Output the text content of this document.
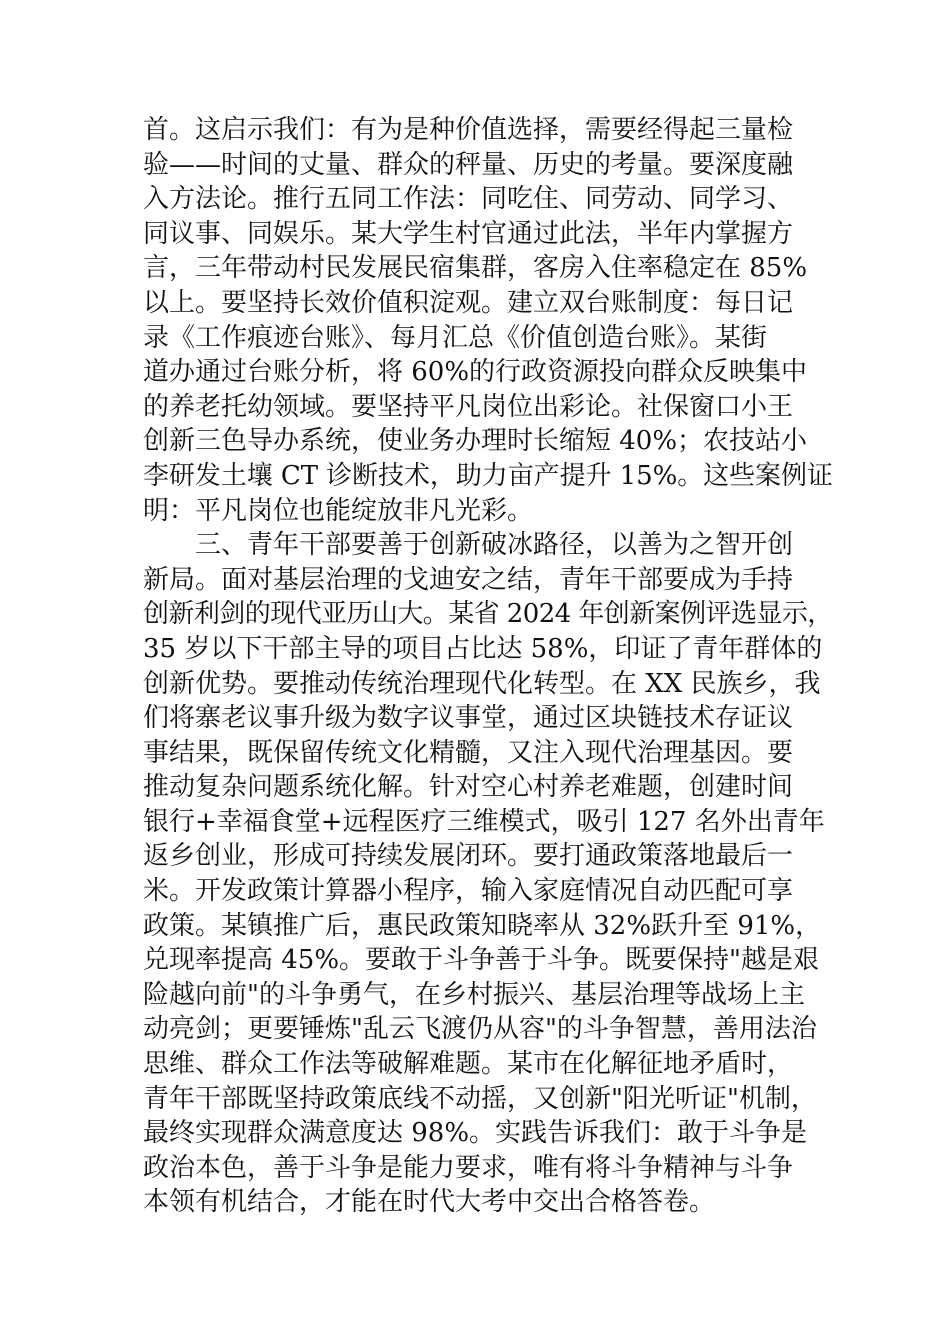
首。这启示我们：有为是种价值选择，需要经得起三量检
验——时间的丈量、群众的秤量、历史的考量。要深度融
入方法论。推行五同工作法：同吃住、同劳动、同学习、
同议事、同娱乐。某大学生村官通过此法，半年内掌握方
言，三年带动村民发展民宿集群，客房入住率稳定在 85%
以上。要坚持长效价值积淀观。建立双台账制度：每日记
录《工作痕迹台账》、每月汇总《价值创造台账》。某街
道办通过台账分析，将 60%的行政资源投向群众反映集中
的养老托幼领域。要坚持平凡岗位出彩论。社保窗口小王
创新三色导办系统，使业务办理时长缩短 40%；农技站小
李研发土壤 CT 诊断技术，助力亩产提升 15%。这些案例证
明：平凡岗位也能绽放非凡光彩。
　　三、青年干部要善于创新破冰路径，以善为之智开创
新局。面对基层治理的戈迪安之结，青年干部要成为手持
创新利剑的现代亚历山大。某省 2024 年创新案例评选显示，
35 岁以下干部主导的项目占比达 58%，印证了青年群体的
创新优势。要推动传统治理现代化转型。在 XX 民族乡，我
们将寨老议事升级为数字议事堂，通过区块链技术存证议
事结果，既保留传统文化精髓，又注入现代治理基因。要
推动复杂问题系统化解。针对空心村养老难题，创建时间
银行+幸福食堂+远程医疗三维模式，吸引 127 名外出青年
返乡创业，形成可持续发展闭环。要打通政策落地最后一
米。开发政策计算器小程序，输入家庭情况自动匹配可享
政策。某镇推广后，惠民政策知晓率从 32%跃升至 91%，
兑现率提高 45%。要敢于斗争善于斗争。既要保持"越是艰
险越向前"的斗争勇气，在乡村振兴、基层治理等战场上主
动亮剑；更要锤炼"乱云飞渡仍从容"的斗争智慧，善用法治
思维、群众工作法等破解难题。某市在化解征地矛盾时，
青年干部既坚持政策底线不动摇，又创新"阳光听证"机制，
最终实现群众满意度达 98%。实践告诉我们：敢于斗争是
政治本色，善于斗争是能力要求，唯有将斗争精神与斗争
本领有机结合，才能在时代大考中交出合格答卷。
